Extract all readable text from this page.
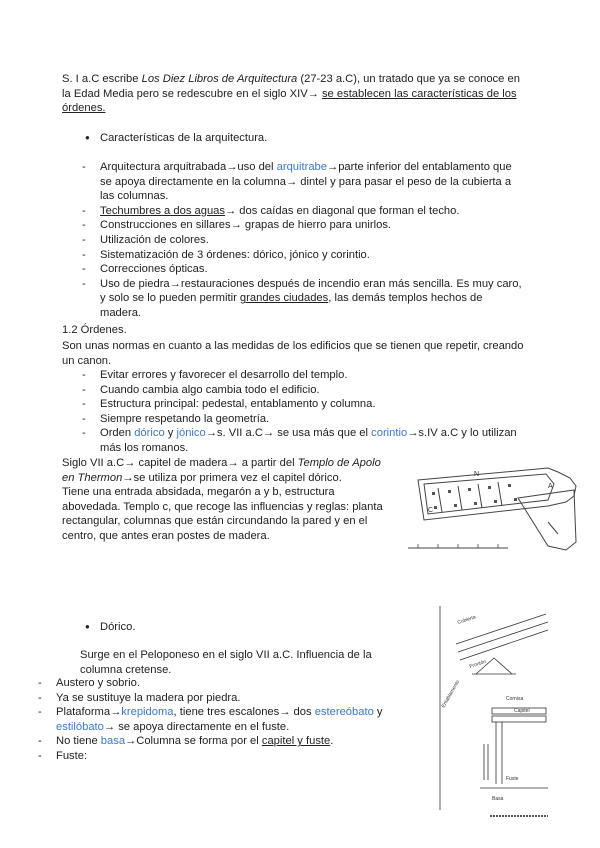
S. I a.C escribe Los Diez Libros de Arquitectura (27-23 a.C), un tratado que ya se conoce en la Edad Media pero se redescubre en el siglo XIV→ se establecen las características de los órdenes.
● Características de la arquitectura.
- Arquitectura arquitrabada→uso del arquitrabe→parte inferior del entablamento que se apoya directamente en la columna→ dintel y para pasar el peso de la cubierta a las columnas.
- Techumbres a dos aguas→ dos caídas en diagonal que forman el techo.
- Construcciones en sillares→ grapas de hierro para unirlos.
- Utilización de colores.
- Sistematización de 3 órdenes: dórico, jónico y corintio.
- Correcciones ópticas.
- Uso de piedra→restauraciones después de incendio eran más sencilla. Es muy caro, y solo se lo pueden permitir grandes ciudades, las demás templos hechos de madera.
1.2 Órdenes.
Son unas normas en cuanto a las medidas de los edificios que se tienen que repetir, creando un canon.
- Evitar errores y favorecer el desarrollo del templo.
- Cuando cambia algo cambia todo el edificio.
- Estructura principal: pedestal, entablamento y columna.
- Siempre respetando la geometría.
- Orden dórico y jónico→s. VII a.C→ se usa más que el corintio→s.IV a.C y lo utilizan más los romanos.
Siglo VII a.C→ capitel de madera→ a partir del Templo de Apolo en Thermon→se utiliza por primera vez el capitel dórico.
Tiene una entrada absidada, megarón a y b, estructura abovedada. Templo c, que recoge las influencias y reglas: planta rectangular, columnas que están circundando la pared y en el centro, que antes eran postes de madera.
N
A
C
● Dórico.
Surge en el Peloponeso en el siglo VII a.C. Influencia de la columna cretense.
- Austero y sobrio.
- Ya se sustituye la madera por piedra.
- Plataforma→krepidoma, tiene tres escalones→ dos estereóbato y estilóbato→ se apoya directamente en el fuste.
- No tiene basa→Columna se forma por el capitel y fuste.
- Fuste:
Cubierta
Frontón
Cornisa
Entablamento
Capitel
Fuste
Basa
